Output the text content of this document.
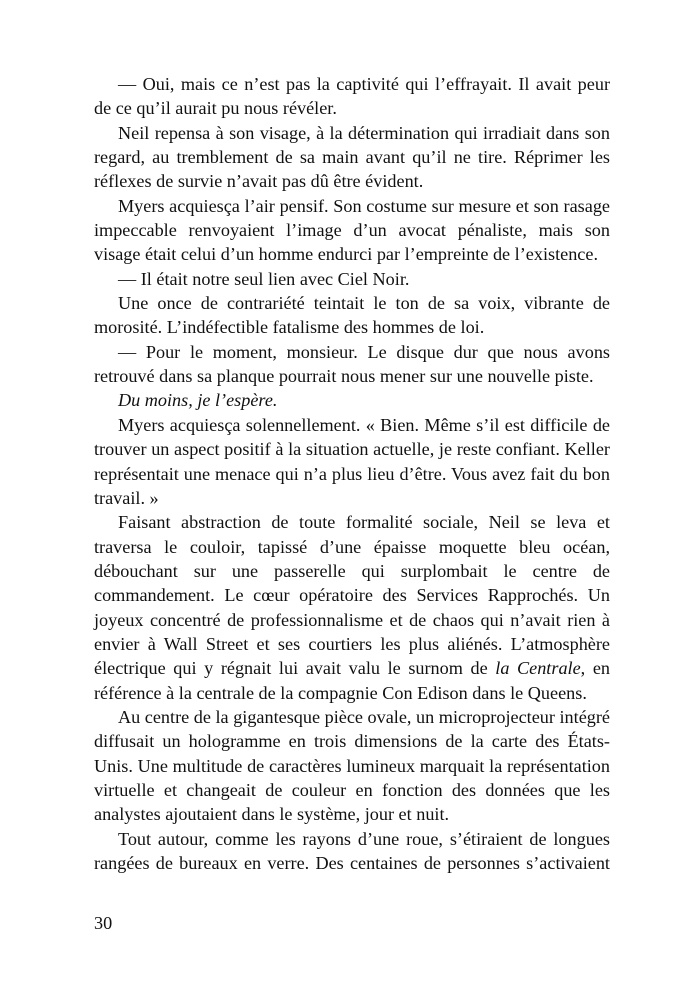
— Oui, mais ce n’est pas la captivité qui l’effrayait. Il avait peur
de ce qu’il aurait pu nous révéler.
Neil repensa à son visage, à la détermination qui irradiait dans son
regard, au tremblement de sa main avant qu’il ne tire. Réprimer les
réflexes de survie n’avait pas dû être évident.
Myers acquiesça l’air pensif. Son costume sur mesure et son rasage
impeccable renvoyaient l’image d’un avocat pénaliste, mais son
visage était celui d’un homme endurci par l’empreinte de l’existence.
— Il était notre seul lien avec Ciel Noir.
Une once de contrariété teintait le ton de sa voix, vibrante de
morosité. L’indéfectible fatalisme des hommes de loi.
— Pour le moment, monsieur. Le disque dur que nous avons
retrouvé dans sa planque pourrait nous mener sur une nouvelle piste.
Du moins, je l’espère.
Myers acquiesça solennellement. « Bien. Même s’il est difficile de
trouver un aspect positif à la situation actuelle, je reste confiant. Keller
représentait une menace qui n’a plus lieu d’être. Vous avez fait du bon
travail. »
Faisant abstraction de toute formalité sociale, Neil se leva et
traversa le couloir, tapissé d’une épaisse moquette bleu océan,
débouchant sur une passerelle qui surplombait le centre de
commandement. Le cœur opératoire des Services Rapprochés. Un
joyeux concentré de professionnalisme et de chaos qui n’avait rien à
envier à Wall Street et ses courtiers les plus aliénés. L’atmosphère
électrique qui y régnait lui avait valu le surnom de la Centrale, en
référence à la centrale de la compagnie Con Edison dans le Queens.
Au centre de la gigantesque pièce ovale, un microprojecteur intégré
diffusait un hologramme en trois dimensions de la carte des États-
Unis. Une multitude de caractères lumineux marquait la représentation
virtuelle et changeait de couleur en fonction des données que les
analystes ajoutaient dans le système, jour et nuit.
Tout autour, comme les rayons d’une roue, s’étiraient de longues
rangées de bureaux en verre. Des centaines de personnes s’activaient
30
